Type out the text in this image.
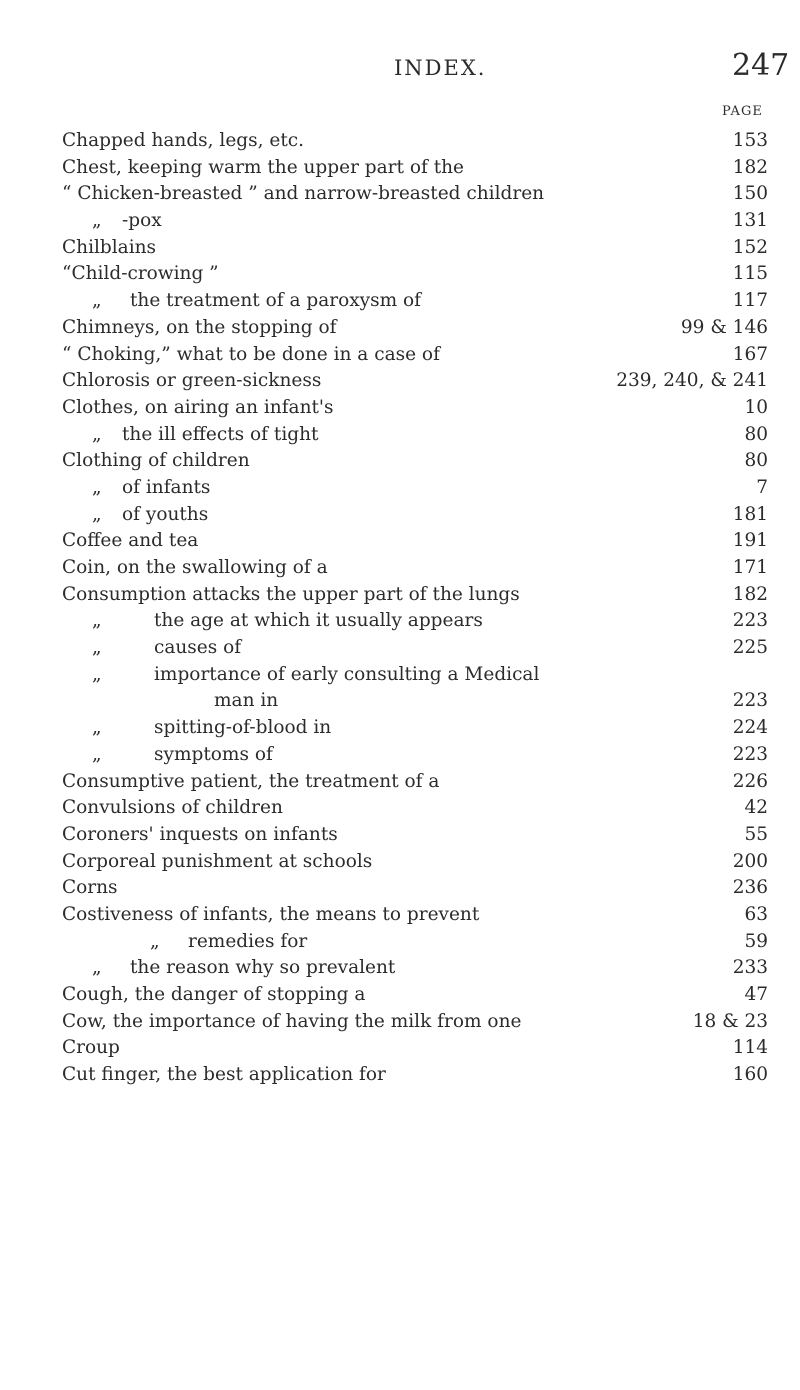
INDEX.	247
PAGE
Chapped hands, legs, etc.	153
Chest, keeping warm the upper part of the	182
“ Chicken-breasted ” and narrow-breasted children	150
„ -pox	131
Chilblains	152
“Child-crowing ”	115
„ the treatment of a paroxysm of	117
Chimneys, on the stopping of	99 & 146
“ Choking,” what to be done in a case of	167
Chlorosis or green-sickness	239, 240, & 241
Clothes, on airing an infant's	10
„ the ill effects of tight	80
Clothing of children	80
„ of infants	7
„ of youths	181
Coffee and tea	191
Coin, on the swallowing of a	171
Consumption attacks the upper part of the lungs	182
„	the age at which it usually appears	223
„	causes of	225
„	importance of early consulting a Medical
man in	223
„	spitting-of-blood in	224
„	symptoms of	223
Consumptive patient, the treatment of a	226
Convulsions of children	42
Coroners' inquests on infants	55
Corporeal punishment at schools	200
Corns	236
Costiveness of infants, the means to prevent	63
„ remedies for	59
„ the reason why so prevalent	233
Cough, the danger of stopping a	47
Cow, the importance of having the milk from one	18 & 23
Croup	114
Cut finger, the best application for	160
